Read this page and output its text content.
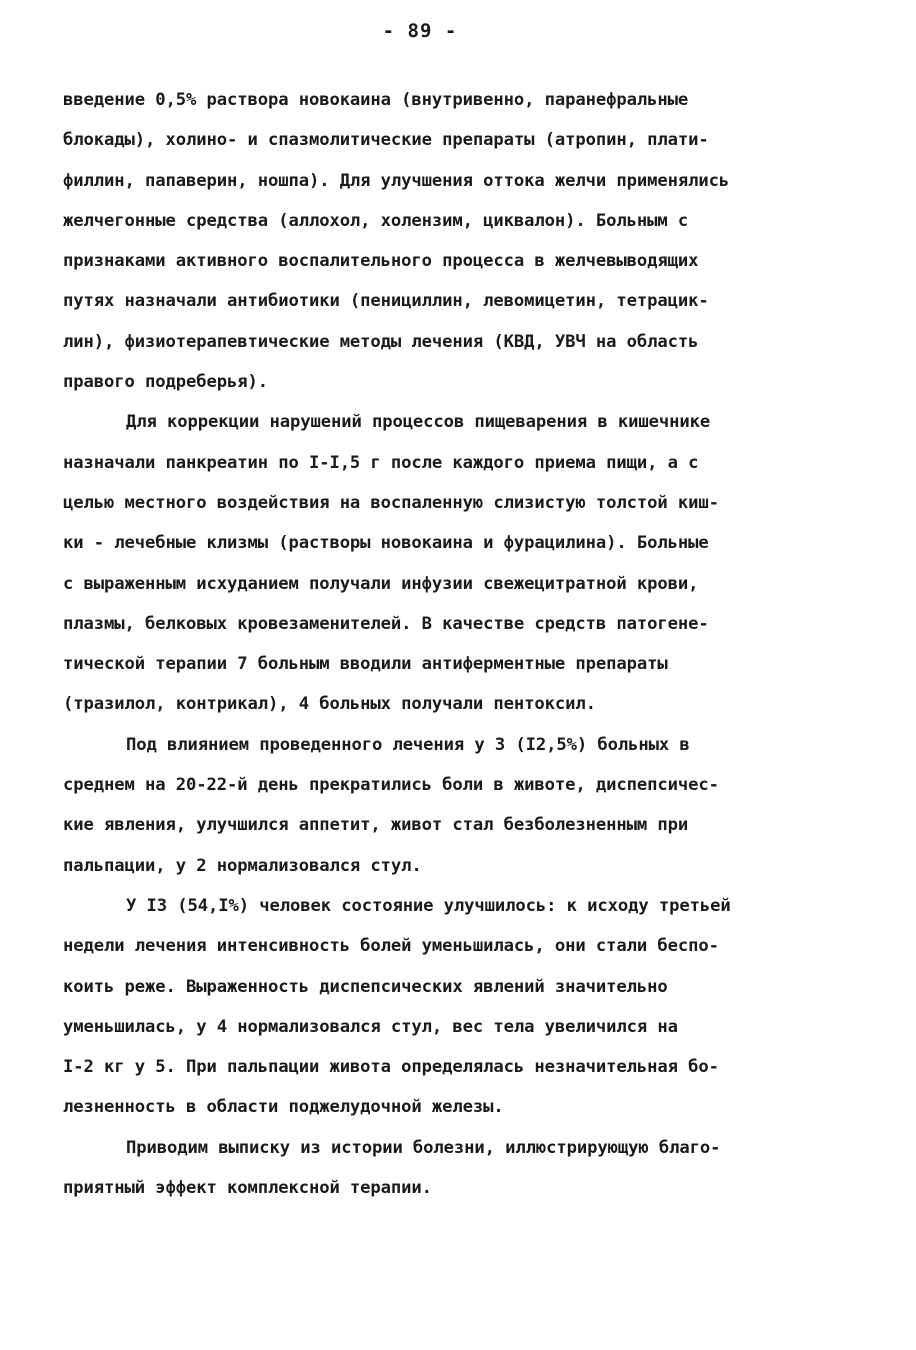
- 89 -
введение 0,5% раствора новокаина (внутривенно, паранефральные
блокады), холино- и спазмолитические препараты (атропин, плати-
филлин, папаверин, ношпа). Для улучшения оттока желчи применялись
желчегонные средства (аллохол, холензим, циквалон). Больным с
признаками активного воспалительного процесса в желчевыводящих
путях назначали антибиотики (пенициллин, левомицетин, тетрацик-
лин), физиотерапевтические методы лечения (КВД, УВЧ на область
правого подреберья).
Для коррекции нарушений процессов пищеварения в кишечнике
назначали панкреатин по I-I,5 г после каждого приема пищи, а с
целью местного воздействия на воспаленную слизистую толстой киш-
ки - лечебные клизмы (растворы новокаина и фурацилина). Больные
с выраженным исхуданием получали инфузии свежецитратной крови,
плазмы, белковых кровезаменителей. В качестве средств патогене-
тической терапии 7 больным вводили антиферментные препараты
(тразилол, контрикал), 4 больных получали пентоксил.
Под влиянием проведенного лечения у 3 (I2,5%) больных в
среднем на 20-22-й день прекратились боли в животе, диспепсичес-
кие явления, улучшился аппетит, живот стал безболезненным при
пальпации, у 2 нормализовался стул.
У I3 (54,I%) человек состояние улучшилось: к исходу третьей
недели лечения интенсивность болей уменьшилась, они стали беспо-
коить реже. Выраженность диспепсических явлений значительно
уменьшилась, у 4 нормализовался стул, вес тела увеличился на
I-2 кг у 5. При пальпации живота определялась незначительная бо-
лезненность в области поджелудочной железы.
Приводим выписку из истории болезни, иллюстрирующую благо-
приятный эффект комплексной терапии.
